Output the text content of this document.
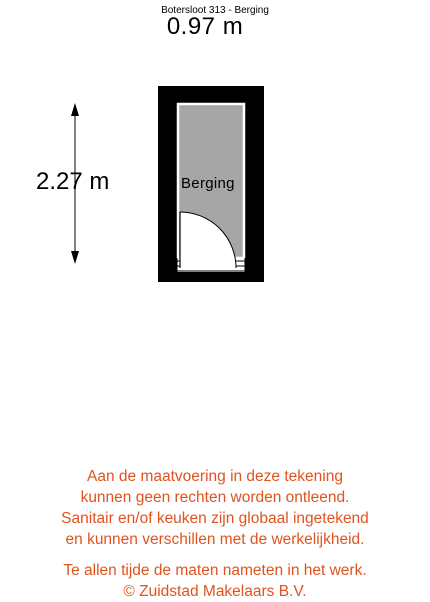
Botersloot 313 - Berging
0.97 m
2.27 m	Berging
Aan de maatvoering in deze tekening
kunnen geen rechten worden ontleend.
Sanitair en/of keuken zijn globaal ingetekend
en kunnen verschillen met de werkelijkheid.
Te allen tijde de maten nameten in het werk.
© Zuidstad Makelaars B.V.
